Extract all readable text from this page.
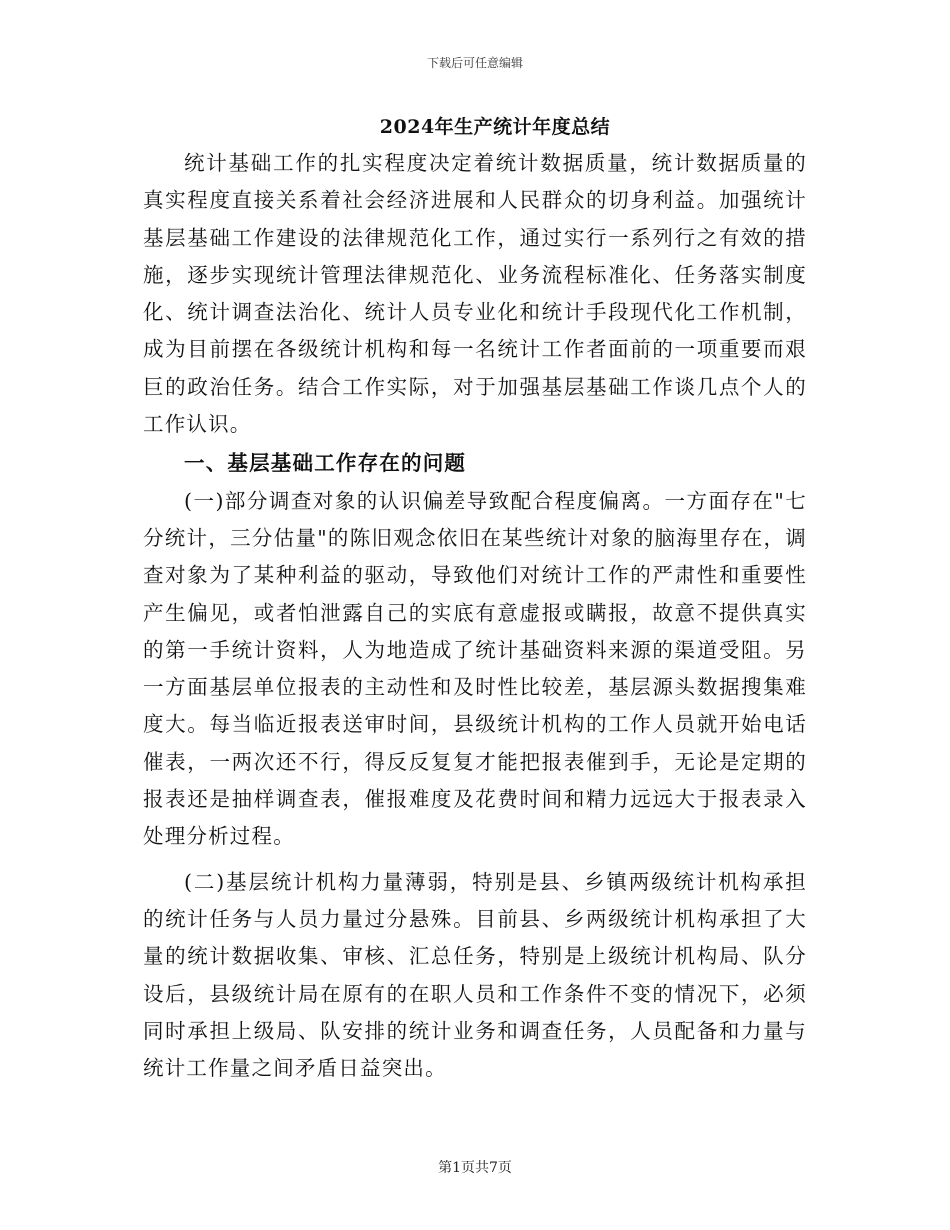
下载后可任意编辑
2024年生产统计年度总结

统计基础工作的扎实程度决定着统计数据质量，统计数据质量的真实程度直接关系着社会经济进展和人民群众的切身利益。加强统计基层基础工作建设的法律规范化工作，通过实行一系列行之有效的措施，逐步实现统计管理法律规范化、业务流程标准化、任务落实制度化、统计调查法治化、统计人员专业化和统计手段现代化工作机制，成为目前摆在各级统计机构和每一名统计工作者面前的一项重要而艰巨的政治任务。结合工作实际，对于加强基层基础工作谈几点个人的工作认识。

一、基层基础工作存在的问题

(一)部分调查对象的认识偏差导致配合程度偏离。一方面存在"七分统计，三分估量"的陈旧观念依旧在某些统计对象的脑海里存在，调查对象为了某种利益的驱动，导致他们对统计工作的严肃性和重要性产生偏见，或者怕泄露自己的实底有意虚报或瞒报，故意不提供真实的第一手统计资料，人为地造成了统计基础资料来源的渠道受阻。另一方面基层单位报表的主动性和及时性比较差，基层源头数据搜集难度大。每当临近报表送审时间，县级统计机构的工作人员就开始电话催表，一两次还不行，得反反复复才能把报表催到手，无论是定期的报表还是抽样调查表，催报难度及花费时间和精力远远大于报表录入处理分析过程。

(二)基层统计机构力量薄弱，特别是县、乡镇两级统计机构承担的统计任务与人员力量过分悬殊。目前县、乡两级统计机构承担了大量的统计数据收集、审核、汇总任务，特别是上级统计机构局、队分设后，县级统计局在原有的在职人员和工作条件不变的情况下，必须同时承担上级局、队安排的统计业务和调查任务，人员配备和力量与统计工作量之间矛盾日益突出。

第1页共7页
